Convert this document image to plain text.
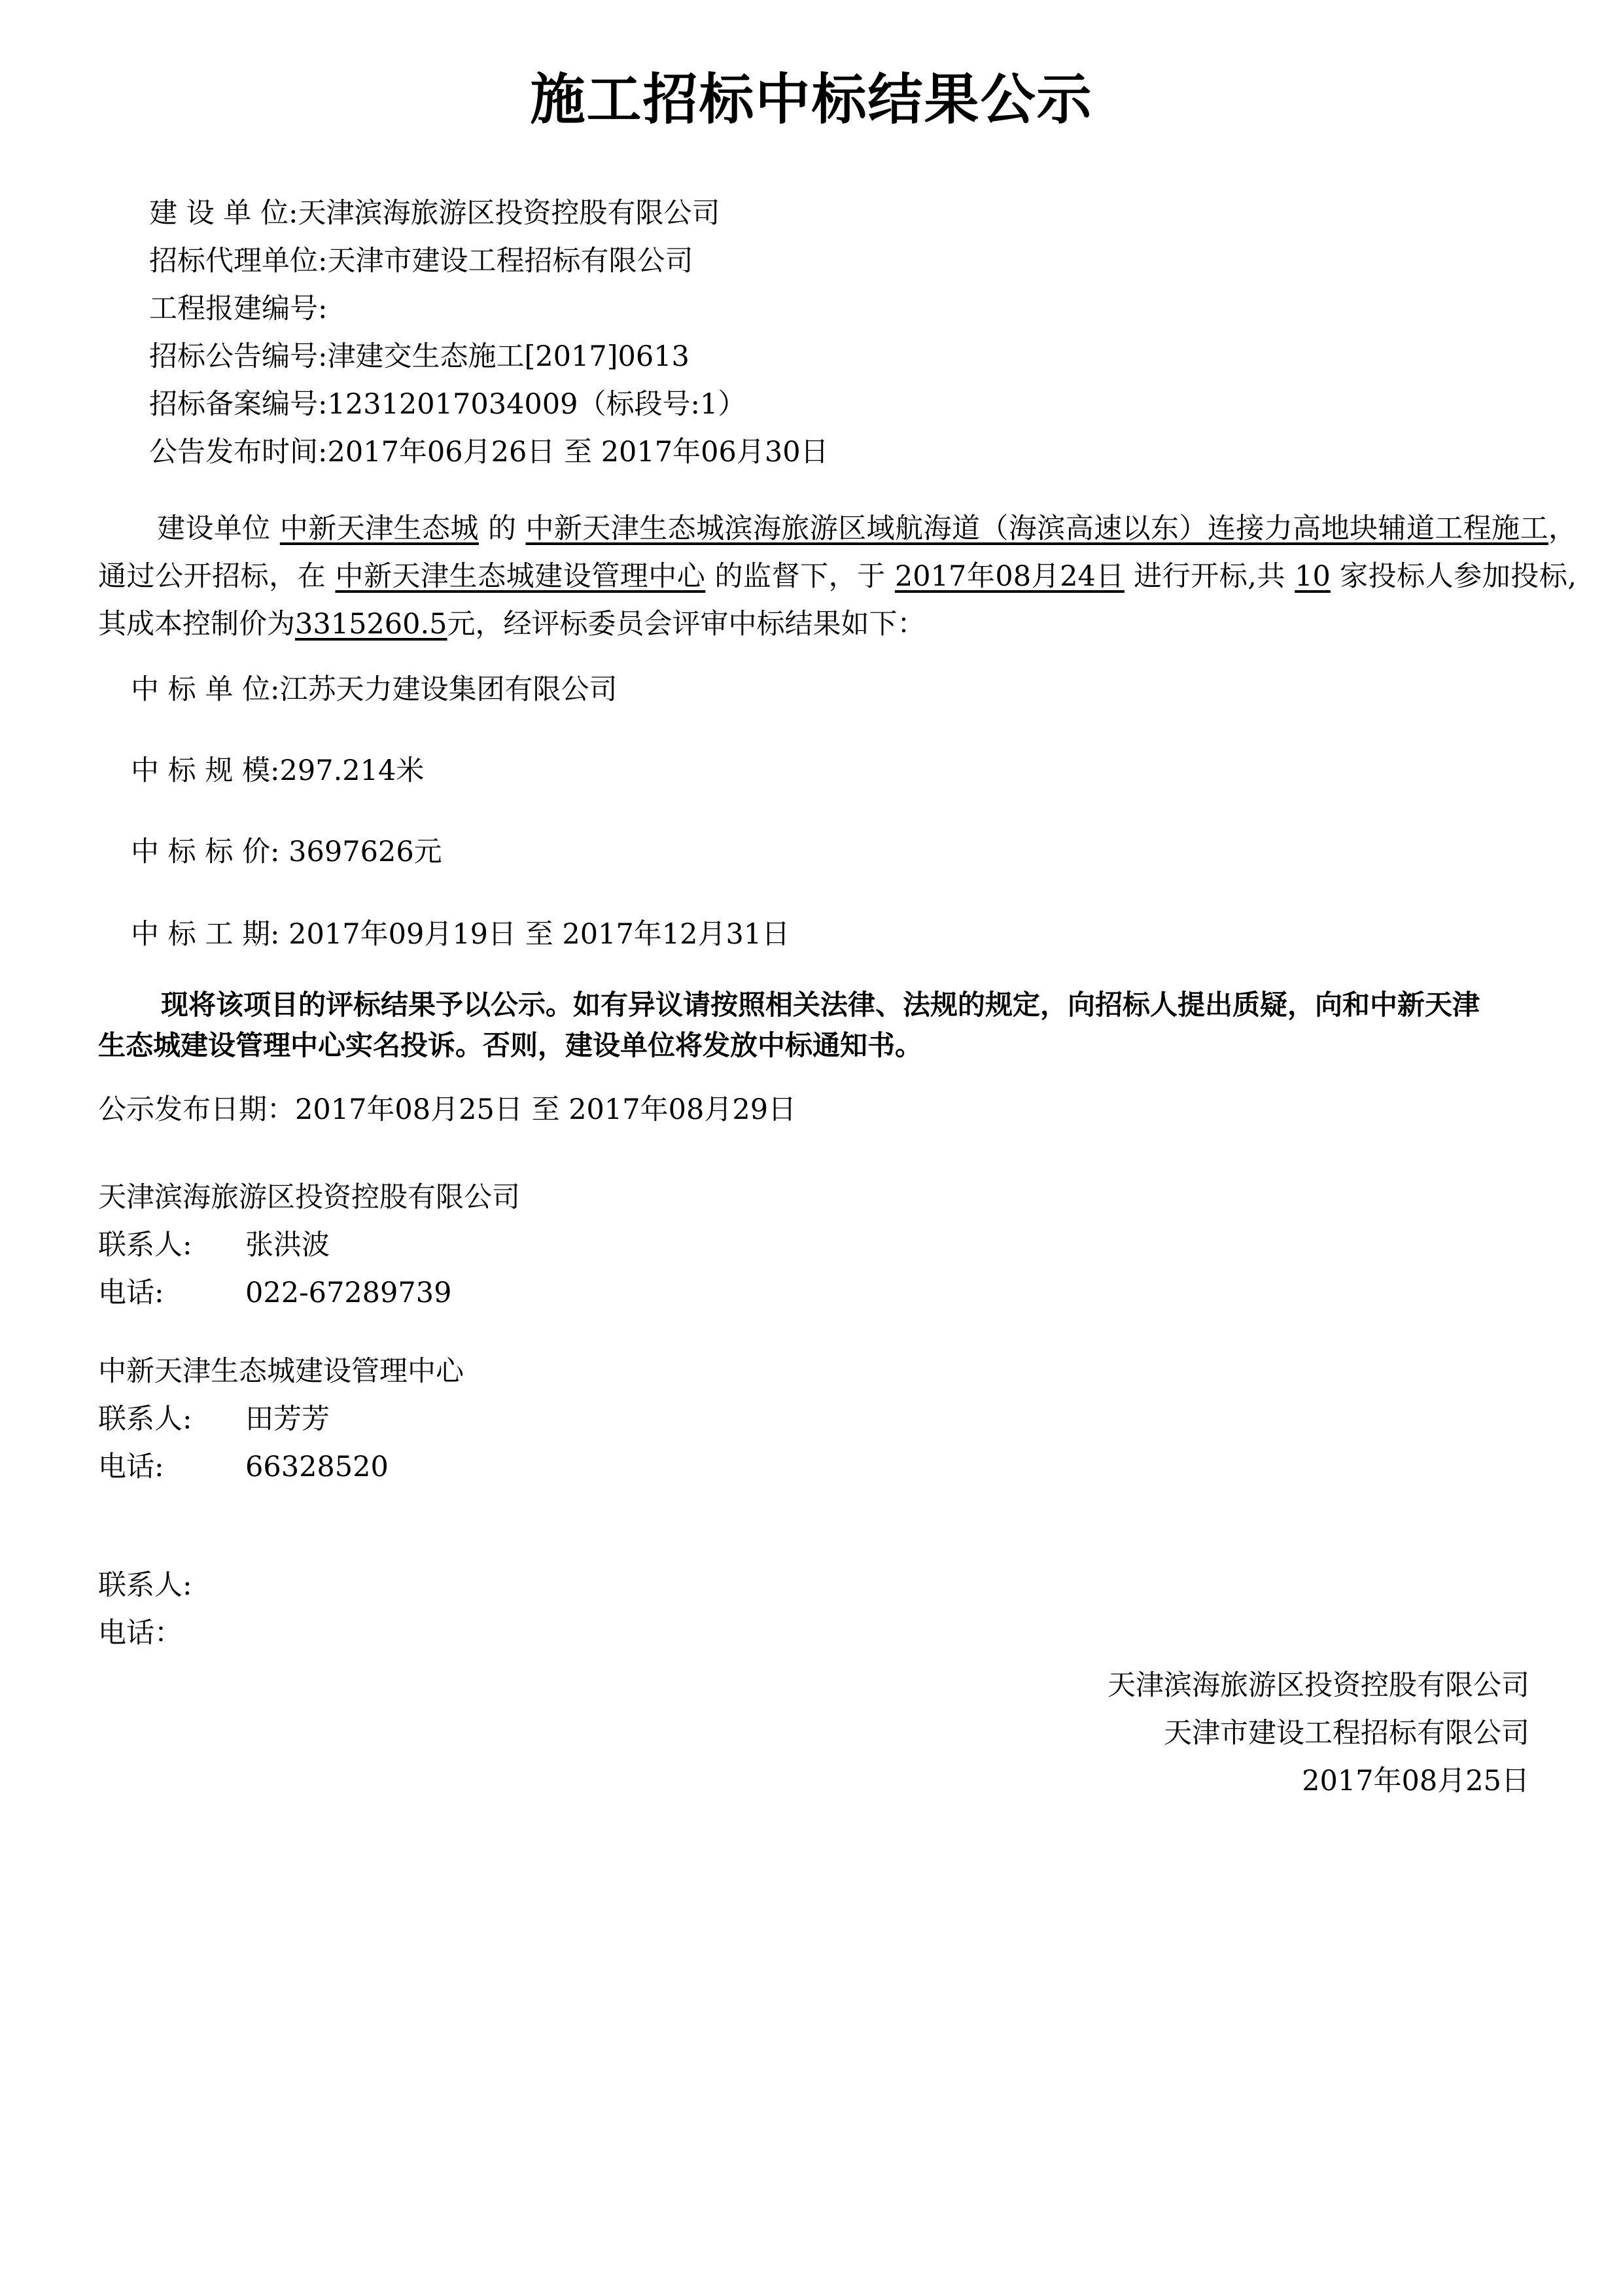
施工招标中标结果公示
建 设 单 位:天津滨海旅游区投资控股有限公司
招标代理单位:天津市建设工程招标有限公司
工程报建编号:
招标公告编号:津建交生态施工[2017]0613
招标备案编号:12312017034009（标段号:1）
公告发布时间:2017年06月26日 至 2017年06月30日
建设单位 中新天津生态城 的 中新天津生态城滨海旅游区域航海道（海滨高速以东）连接力高地块辅道工程施工，通过公开招标，在 中新天津生态城建设管理中心 的监督下，于 2017年08月24日 进行开标,共 10 家投标人参加投标,其成本控制价为3315260.5元，经评标委员会评审中标结果如下：
中 标 单 位:江苏天力建设集团有限公司
中 标 规 模:297.214米
中 标 标 价: 3697626元
中 标 工 期: 2017年09月19日 至 2017年12月31日
现将该项目的评标结果予以公示。如有异议请按照相关法律、法规的规定，向招标人提出质疑，向和中新天津生态城建设管理中心实名投诉。否则，建设单位将发放中标通知书。
公示发布日期：2017年08月25日 至 2017年08月29日
天津滨海旅游区投资控股有限公司
联系人: 张洪波
电话:	022-67289739
中新天津生态城建设管理中心
联系人: 田芳芳
电话:	66328520
联系人:
电话：
天津滨海旅游区投资控股有限公司
天津市建设工程招标有限公司
2017年08月25日
